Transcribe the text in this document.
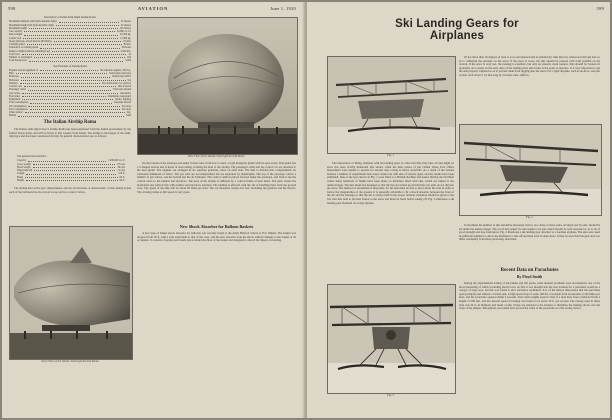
598	AVIATION	June 1, 1920
Description of Italian Semi-Rigid Airship Roma
Maximum diameter (full hydrodynamic light)	25 meters
Maximum height (full hydrodynamic light)	32 meters
Maximum length	125 meters
Gas capacity	34,000 cu. m.
Dead weight	22,300 kg.
Useful load	17,000 kg.
Speed (full gas, all six motors 400 miles)	110 km.
Cruising speed	80 km.
Endurance at cruising speed	60 hours
Range of flight (without refuelling bay)	4,500 km.
Total crew	16
Number of passengers	100
Total horsepower	3,000
Specifications of Airship Roma
Engines and arrangement of	Six Ansaldo engines, 500 h.p.
Hull	Semi-rigid, keel type
Envelope	Rubberized fabric
Ballonets	Six
Rudders	Two horizontal, two vertical
Control cars	One forward
Passenger cabin	Enclosed, heated
Gas valves	Automatic
Fuel tanks	Aluminum, suspended
Equipment	Radio, lighting
Total consumption	Gasoline and oil
Oil consumption	Per hour
Fuel consumption	Per hour
Water ballast	Kg.
Ballast	Sand
The Italian Airship Roma

The Italian semi-rigid Class S airship Roma has been purchased from the Italian government by the United States Army, and will be flown to this country from Rome. The airship is the largest of the semi-rigid type and has been constructed in Italy. Its general characteristics are as follows.

The general characteristics:
Capacity	1,200,000 cu. ft.
Gross weight	87 tons
Fixed weight	36 tons
Disposable lift	51 tons
Length	410 ft.
Beam	82 ft.
Height	90 ft.

The airship has twelve gas compartments, and six air ballonets. A characteristic of this airship is that each of the ballonets has its own air scoop and two control valves.

Bow View of the Italian Semirigid Airship Roma

On the bottom of the envelope and under it there runs, from bow to stern, a rigid triangular girder with its apex down. This girder has a V-shaped section and is made of steel tubing, forming the keel of the airship. The passenger cabin and the control car are attached to the keel girder. The engines are arranged in six separate gondolas, three on each side. The hull is divided into compartments by transverse bulkheads of fabric. The gas cells are not independent but are separated by diaphragms. The top of the envelope carries a number of gas valves, and the bottom has the air ballonets. The control cabin is placed forward under the envelope, and from it run the control wires to the rudders and elevators. The nose of the airship is stiffened by a conical frame of steel tubes. The stern carries the horizontal and vertical fins with rudders and elevators attached. The landing is effected with the aid of handling lines from the ground crew. The speed of the ship will be about 60 miles per hour. The car measures twenty-two feet, including the gondola and the motors. The cruising radius at full speed is very great.

Stern View of the Italian Semirigid Airship Roma
New Shock Absorber for Balloon Baskets

A new type of basket shock absorber for balloons was recently tested at the Army Balloon School at Fort Omaha. The basket was dropped from 30 ft. with a load equivalent to that of the crew, and the new absorber took the shock without damage to the basket or its occupants. It consists of spring steel bands placed under the floor of the basket and designed to absorb the impact on landing.

599
Ski Landing Gears for Airplanes
Fig. 1

Of not more than 16 degrees of frost is to be encountered and is satisfactory. Skis must be reinforced with ash bars so as to withstand the pressure on the snow. If the snow is loose, the skis should be pressed with solid paraffin on the bottom. If the snow is very wet, the running is excellent, but only on smooth, clean runners. Skis should be 'broken in' gradually. As a result, in the early days of the landing most skis broke at the point of juncture. It is very important to get the skis properly adjusted so as to prevent them from digging into the snow. For a light airplane, such as an Avro, one pair of skis, each about 2 1/4 feet long by 5 inches wide, suffices.

Fig. 2

The importance of fitting airplanes with ski landing gears in order that they may take off and alight on snow has been vividly illustrated this winter, when the mail planes of the United States Post Office Department were unable to operate for several days owing to heavy snowfalls. As a result of the lessons learned, a number of experiments have been carried out with skis of various types, and the results have been published. Skis of the type shown in Fig. 1 were fitted to a British machine and tested. During the Northern winter many hundreds of flights have been made on machines fitted with skis, which are lashed to the undercarriage. The skis should be designed so that the tips are turned up and that the rear ends do not dig into the snow. The method of attachment is important, for the skis must be free to pivot about the axle in order to follow the irregularities of the ground. It is generally advisable to fit a shock absorber between the front of the ski and the fuselage so that the ski is always held in the proper attitude. Attention should be given to the fact that skis tend to become frozen to the snow and must be freed before taking off. Fig. 3 illustrates a ski landing gear mounted on a large biplane.

In machines the number of skis should be increased, that is, two, three or more pairs, arranged one by side, should be set under the undercarriage. The wood best suited for skis seems to be ash, which should be well seasoned so as to be of good strength and free from knots. Fig. 2 illustrates a ski landing gear attached to a German airplane. The skis were used in sufficient numbers to allow the machines to take off and land even in deep snow. It may be seen that this gear does not differ essentially from those previously described.

Recent Data on Parachutes
By Floyd Smith

During my experimental testing of parachutes and life packs, some unusual problems were encountered, one of the most interesting of which is landing shock force. At first it was thought that the best formula for a parachute would be a canopy of large area, but this was found to give excessive oscillation. It is of the utmost importance that the parachute open promptly and without a violent jerk. A high speed drop of some 100 lbs. was made from an airplane at 100 miles per hour, and the parachute opened within 2 seconds. Tests with weights equal to that of a man have been conducted from a height of 500 feet, and the descent speed at landing was found to be about 16 ft. per second. The canopy used in these tests was 24 ft. in diameter and made of silk. Straps are attached to the harness to distribute the landing shock over the body of the jumper. Throughout, successful tests proved the value of the parachute as a life saving device.

Fig. 3
